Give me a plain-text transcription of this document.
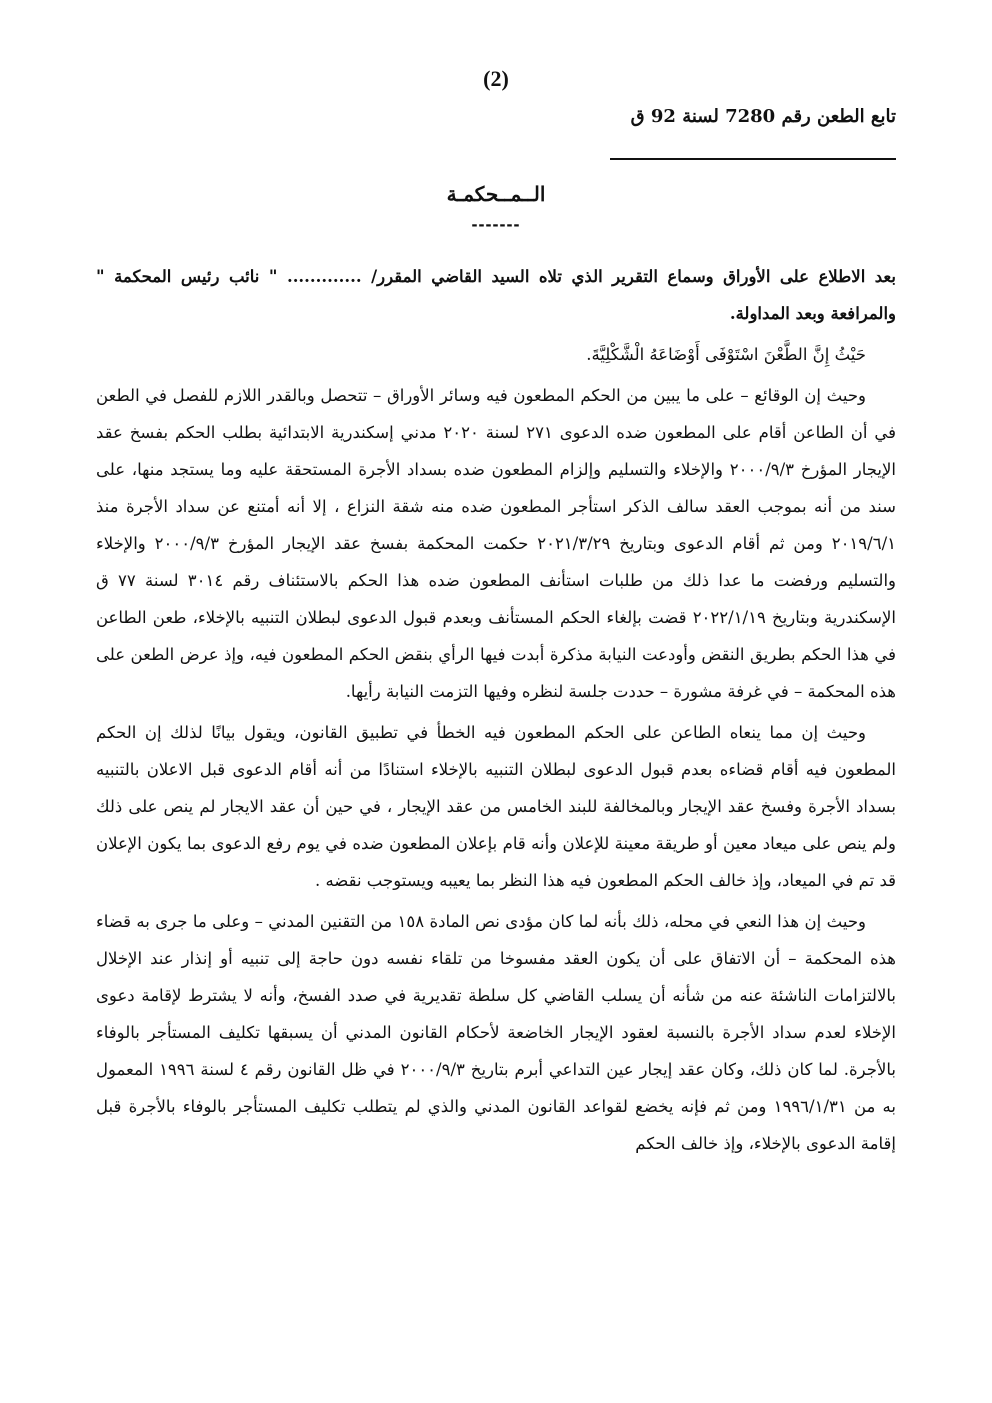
(2)
تابع الطعن رقم 7280 لسنة 92 ق
الــمــحكمـة
-------

بعد الاطلاع على الأوراق وسماع التقرير الذي تلاه السيد القاضي المقرر/ ............. " نائب رئيس المحكمة " والمرافعة وبعد المداولة.

حَيْثُ إِنَّ الطَّعْنَ اسْتَوْفَى أَوْضَاعَهُ الْشَّكْلِيَّةَ.

وحيث إن الوقائع – على ما يبين من الحكم المطعون فيه وسائر الأوراق – تتحصل وبالقدر اللازم للفصل في الطعن في أن الطاعن أقام على المطعون ضده الدعوى ٢٧١ لسنة ٢٠٢٠ مدني إسكندرية الابتدائية بطلب الحكم بفسخ عقد الإيجار المؤرخ ٢٠٠٠/٩/٣ والإخلاء والتسليم وإلزام المطعون ضده بسداد الأجرة المستحقة عليه وما يستجد منها، على سند من أنه بموجب العقد سالف الذكر استأجر المطعون ضده منه شقة النزاع ، إلا أنه أمتنع عن سداد الأجرة منذ ٢٠١٩/٦/١ ومن ثم أقام الدعوى وبتاريخ ٢٠٢١/٣/٢٩ حكمت المحكمة بفسخ عقد الإيجار المؤرخ ٢٠٠٠/٩/٣ والإخلاء والتسليم ورفضت ما عدا ذلك من طلبات استأنف المطعون ضده هذا الحكم بالاستئناف رقم ٣٠١٤ لسنة ٧٧ ق الإسكندرية وبتاريخ ٢٠٢٢/١/١٩ قضت بإلغاء الحكم المستأنف وبعدم قبول الدعوى لبطلان التنبيه بالإخلاء، طعن الطاعن في هذا الحكم بطريق النقض وأودعت النيابة مذكرة أبدت فيها الرأي بنقض الحكم المطعون فيه، وإذ عرض الطعن على هذه المحكمة – في غرفة مشورة – حددت جلسة لنظره وفيها التزمت النيابة رأيها.

وحيث إن مما ينعاه الطاعن على الحكم المطعون فيه الخطأ في تطبيق القانون، ويقول بيانًا لذلك إن الحكم المطعون فيه أقام قضاءه بعدم قبول الدعوى لبطلان التنبيه بالإخلاء استنادًا من أنه أقام الدعوى قبل الاعلان بالتنبيه بسداد الأجرة وفسخ عقد الإيجار وبالمخالفة للبند الخامس من عقد الإيجار ، في حين أن عقد الايجار لم ينص على ذلك ولم ينص على ميعاد معين أو طريقة معينة للإعلان وأنه قام بإعلان المطعون ضده في يوم رفع الدعوى بما يكون الإعلان قد تم في الميعاد، وإذ خالف الحكم المطعون فيه هذا النظر بما يعيبه ويستوجب نقضه .

وحيث إن هذا النعي في محله، ذلك بأنه لما كان مؤدى نص المادة ١٥٨ من التقنين المدني – وعلى ما جرى به قضاء هذه المحكمة – أن الاتفاق على أن يكون العقد مفسوخا من تلقاء نفسه دون حاجة إلى تنبيه أو إنذار عند الإخلال بالالتزامات الناشئة عنه من شأنه أن يسلب القاضي كل سلطة تقديرية في صدد الفسخ، وأنه لا يشترط لإقامة دعوى الإخلاء لعدم سداد الأجرة بالنسبة لعقود الإيجار الخاضعة لأحكام القانون المدني أن يسبقها تكليف المستأجر بالوفاء بالأجرة. لما كان ذلك، وكان عقد إيجار عين التداعي أبرم بتاريخ ٢٠٠٠/٩/٣ في ظل القانون رقم ٤ لسنة ١٩٩٦ المعمول به من ١٩٩٦/١/٣١ ومن ثم فإنه يخضع لقواعد القانون المدني والذي لم يتطلب تكليف المستأجر بالوفاء بالأجرة قبل إقامة الدعوى بالإخلاء، وإذ خالف الحكم
